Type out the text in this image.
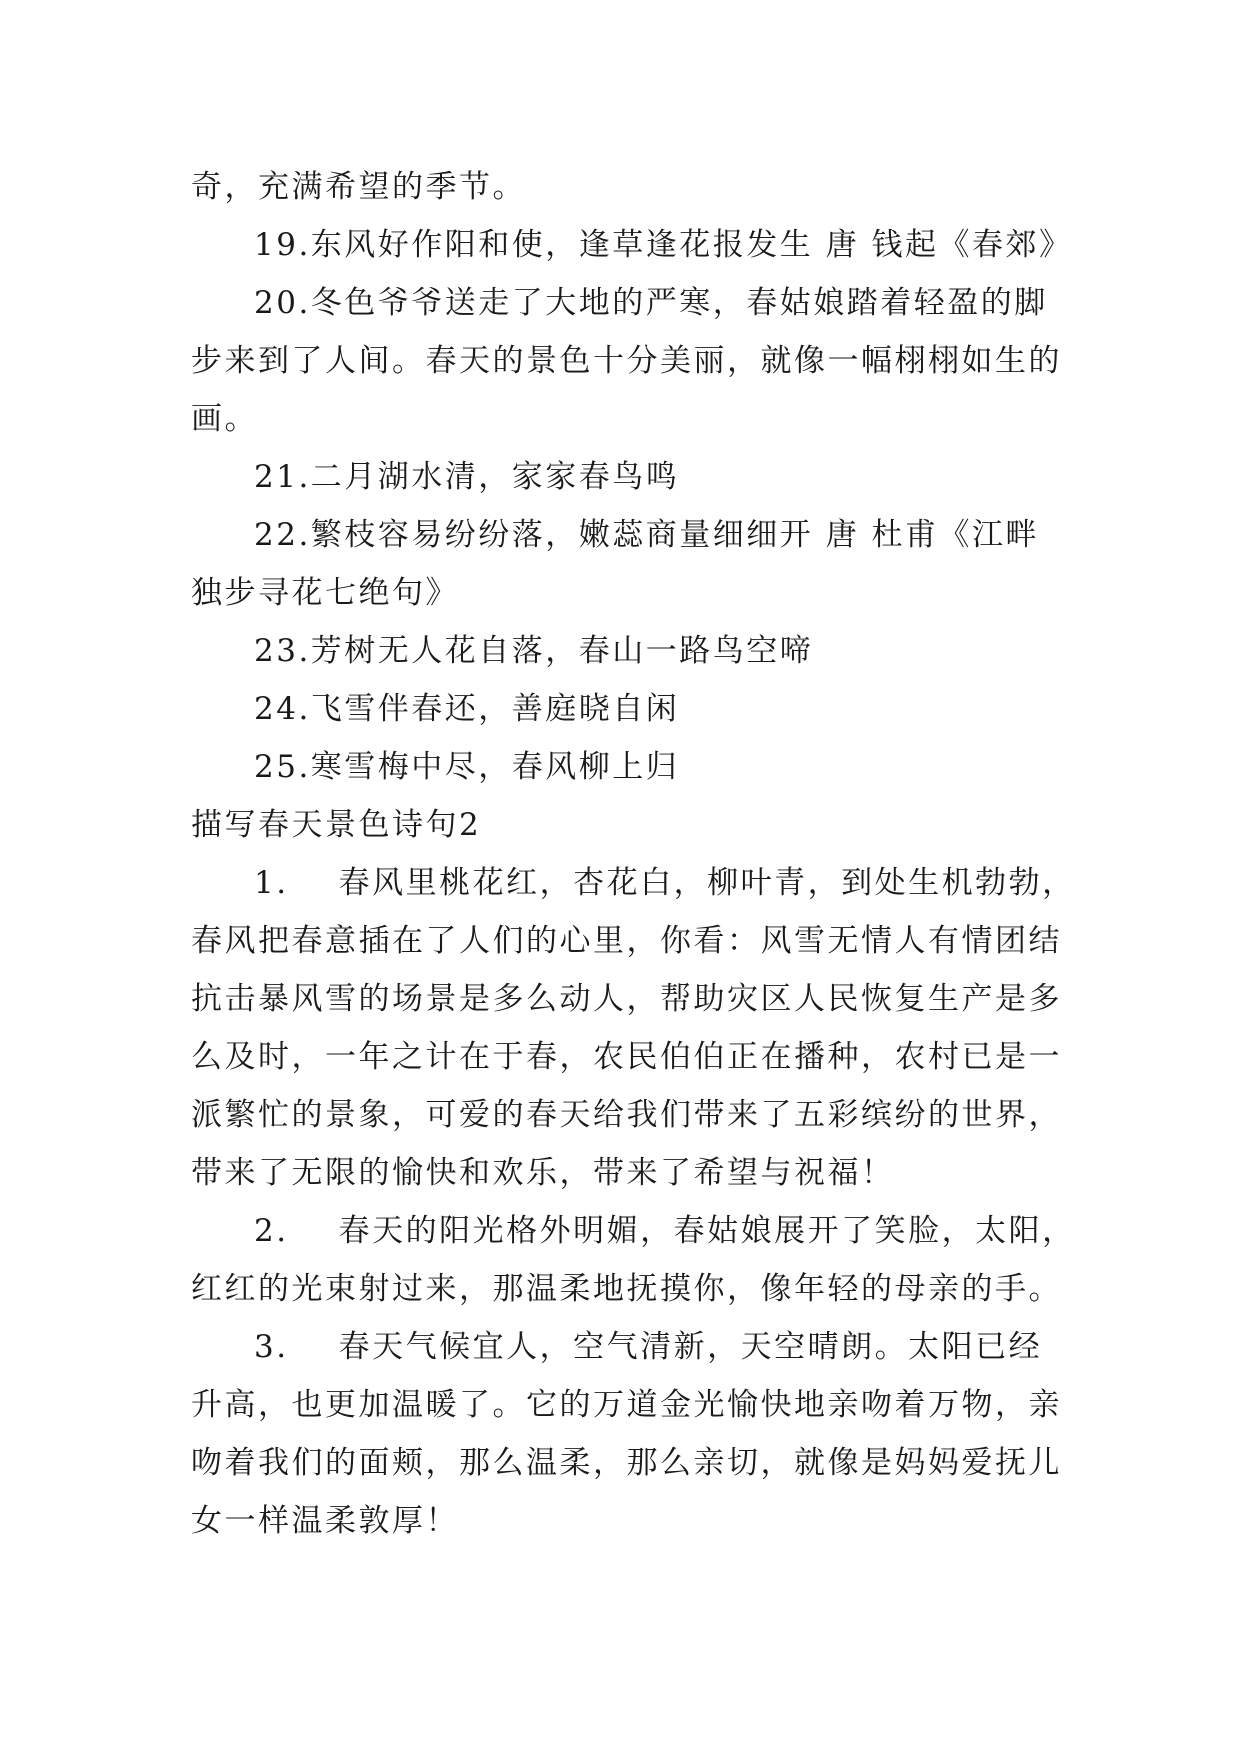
奇，充满希望的季节。
19.东风好作阳和使，逢草逢花报发生 唐 钱起《春郊》
20.冬色爷爷送走了大地的严寒，春姑娘踏着轻盈的脚
步来到了人间。春天的景色十分美丽，就像一幅栩栩如生的
画。
21.二月湖水清，家家春鸟鸣
22.繁枝容易纷纷落，嫩蕊商量细细开 唐 杜甫《江畔
独步寻花七绝句》
23.芳树无人花自落，春山一路鸟空啼
24.飞雪伴春还，善庭晓自闲
25.寒雪梅中尽，春风柳上归
描写春天景色诗句2
1. 春风里桃花红，杏花白，柳叶青，到处生机勃勃，
春风把春意插在了人们的心里，你看：风雪无情人有情团结
抗击暴风雪的场景是多么动人，帮助灾区人民恢复生产是多
么及时，一年之计在于春，农民伯伯正在播种，农村已是一
派繁忙的景象，可爱的春天给我们带来了五彩缤纷的世界，
带来了无限的愉快和欢乐，带来了希望与祝福！
2. 春天的阳光格外明媚，春姑娘展开了笑脸，太阳，
红红的光束射过来，那温柔地抚摸你，像年轻的母亲的手。
3. 春天气候宜人，空气清新，天空晴朗。太阳已经
升高，也更加温暖了。它的万道金光愉快地亲吻着万物，亲
吻着我们的面颊，那么温柔，那么亲切，就像是妈妈爱抚儿
女一样温柔敦厚！
